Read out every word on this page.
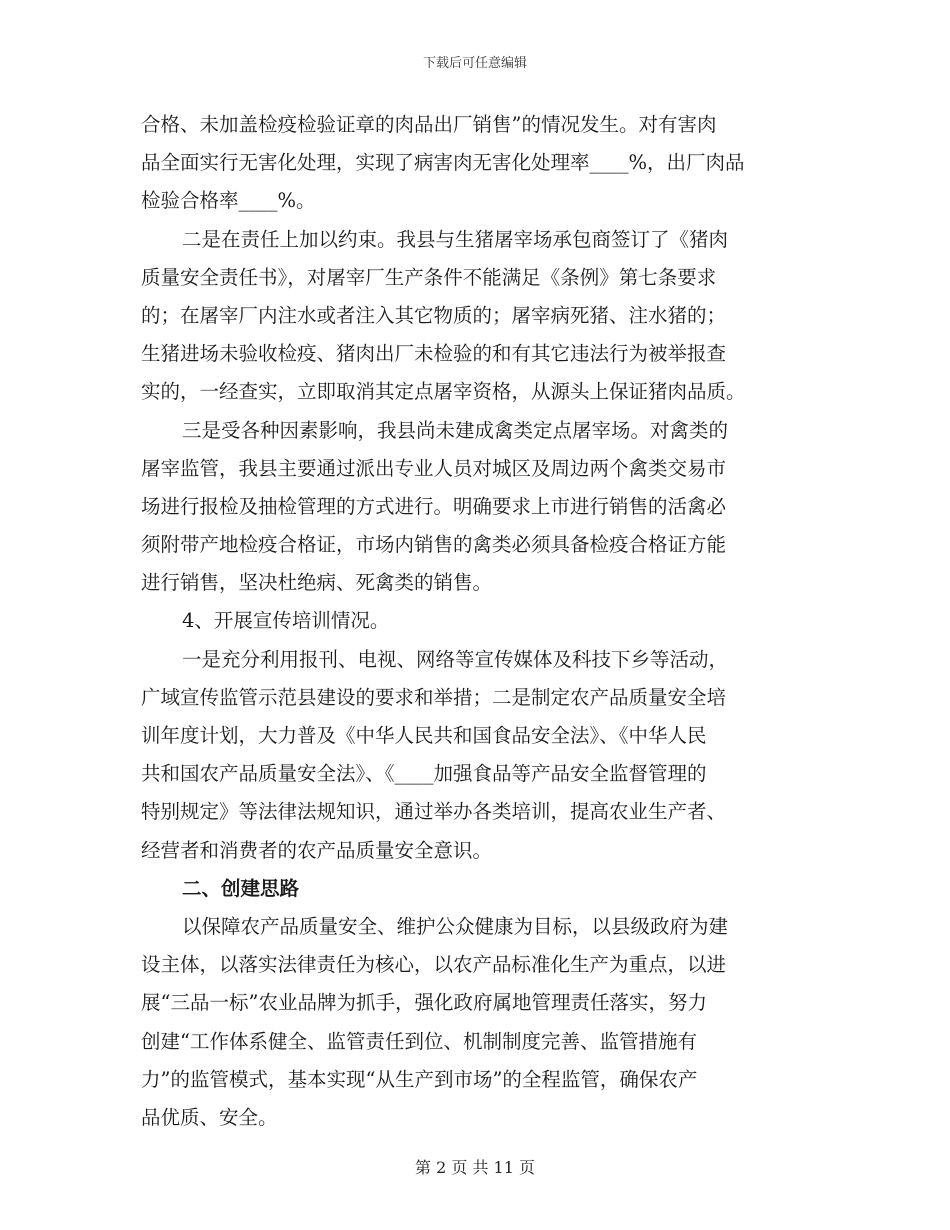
下载后可任意编辑
合格、未加盖检疫检验证章的肉品出厂销售”的情况发生。对有害肉
品全面实行无害化处理，实现了病害肉无害化处理率____%，出厂肉品
检验合格率____%。
二是在责任上加以约束。我县与生猪屠宰场承包商签订了《猪肉
质量安全责任书》，对屠宰厂生产条件不能满足《条例》第七条要求
的；在屠宰厂内注水或者注入其它物质的；屠宰病死猪、注水猪的；
生猪进场未验收检疫、猪肉出厂未检验的和有其它违法行为被举报查
实的，一经查实，立即取消其定点屠宰资格，从源头上保证猪肉品质。
三是受各种因素影响，我县尚未建成禽类定点屠宰场。对禽类的
屠宰监管，我县主要通过派出专业人员对城区及周边两个禽类交易市
场进行报检及抽检管理的方式进行。明确要求上市进行销售的活禽必
须附带产地检疫合格证，市场内销售的禽类必须具备检疫合格证方能
进行销售，坚决杜绝病、死禽类的销售。
4、开展宣传培训情况。
一是充分利用报刊、电视、网络等宣传媒体及科技下乡等活动，
广域宣传监管示范县建设的要求和举措；二是制定农产品质量安全培
训年度计划，大力普及《中华人民共和国食品安全法》、《中华人民
共和国农产品质量安全法》、《____加强食品等产品安全监督管理的
特别规定》等法律法规知识，通过举办各类培训，提高农业生产者、
经营者和消费者的农产品质量安全意识。
二、创建思路
以保障农产品质量安全、维护公众健康为目标，以县级政府为建
设主体，以落实法律责任为核心，以农产品标准化生产为重点，以进
展“三品一标”农业品牌为抓手，强化政府属地管理责任落实，努力
创建“工作体系健全、监管责任到位、机制制度完善、监管措施有
力”的监管模式，基本实现“从生产到市场”的全程监管，确保农产
品优质、安全。
第 2 页 共 11 页
